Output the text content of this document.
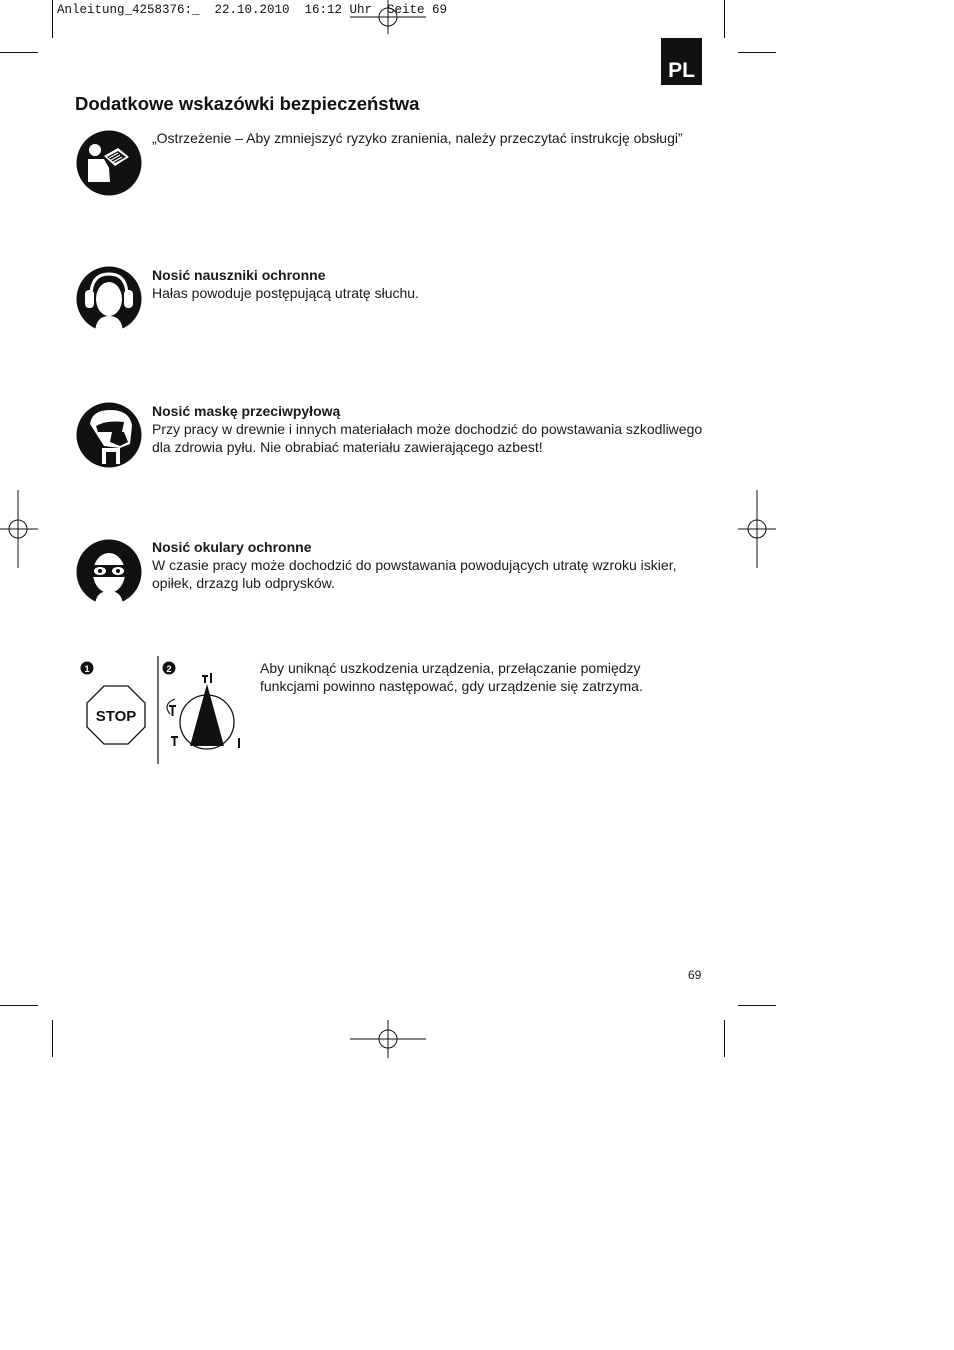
Anleitung_4258376:_  22.10.2010  16:12 Uhr  Seite 69
PL
Dodatkowe wskazówki bezpieczeństwa
„Ostrzeżenie – Aby zmniejszyć ryzyko zranienia, należy przeczytać instrukcję obsługi”
Nosić nauszniki ochronne
Hałas powoduje postępującą utratę słuchu.
Nosić maskę przeciwpyłową
Przy pracy w drewnie i innych materiałach może dochodzić do powstawania szkodliwego dla zdrowia pyłu. Nie obrabiać materiału zawierającego azbest!
Nosić okulary ochronne
W czasie pracy może dochodzić do powstawania powodujących utratę wzroku iskier, opiłek, drzazg lub odprysków.
1
STOP
2	Aby uniknąć uszkodzenia urządzenia, przełączanie pomiędzy funkcjami powinno następować, gdy urządzenie się zatrzyma.
69
